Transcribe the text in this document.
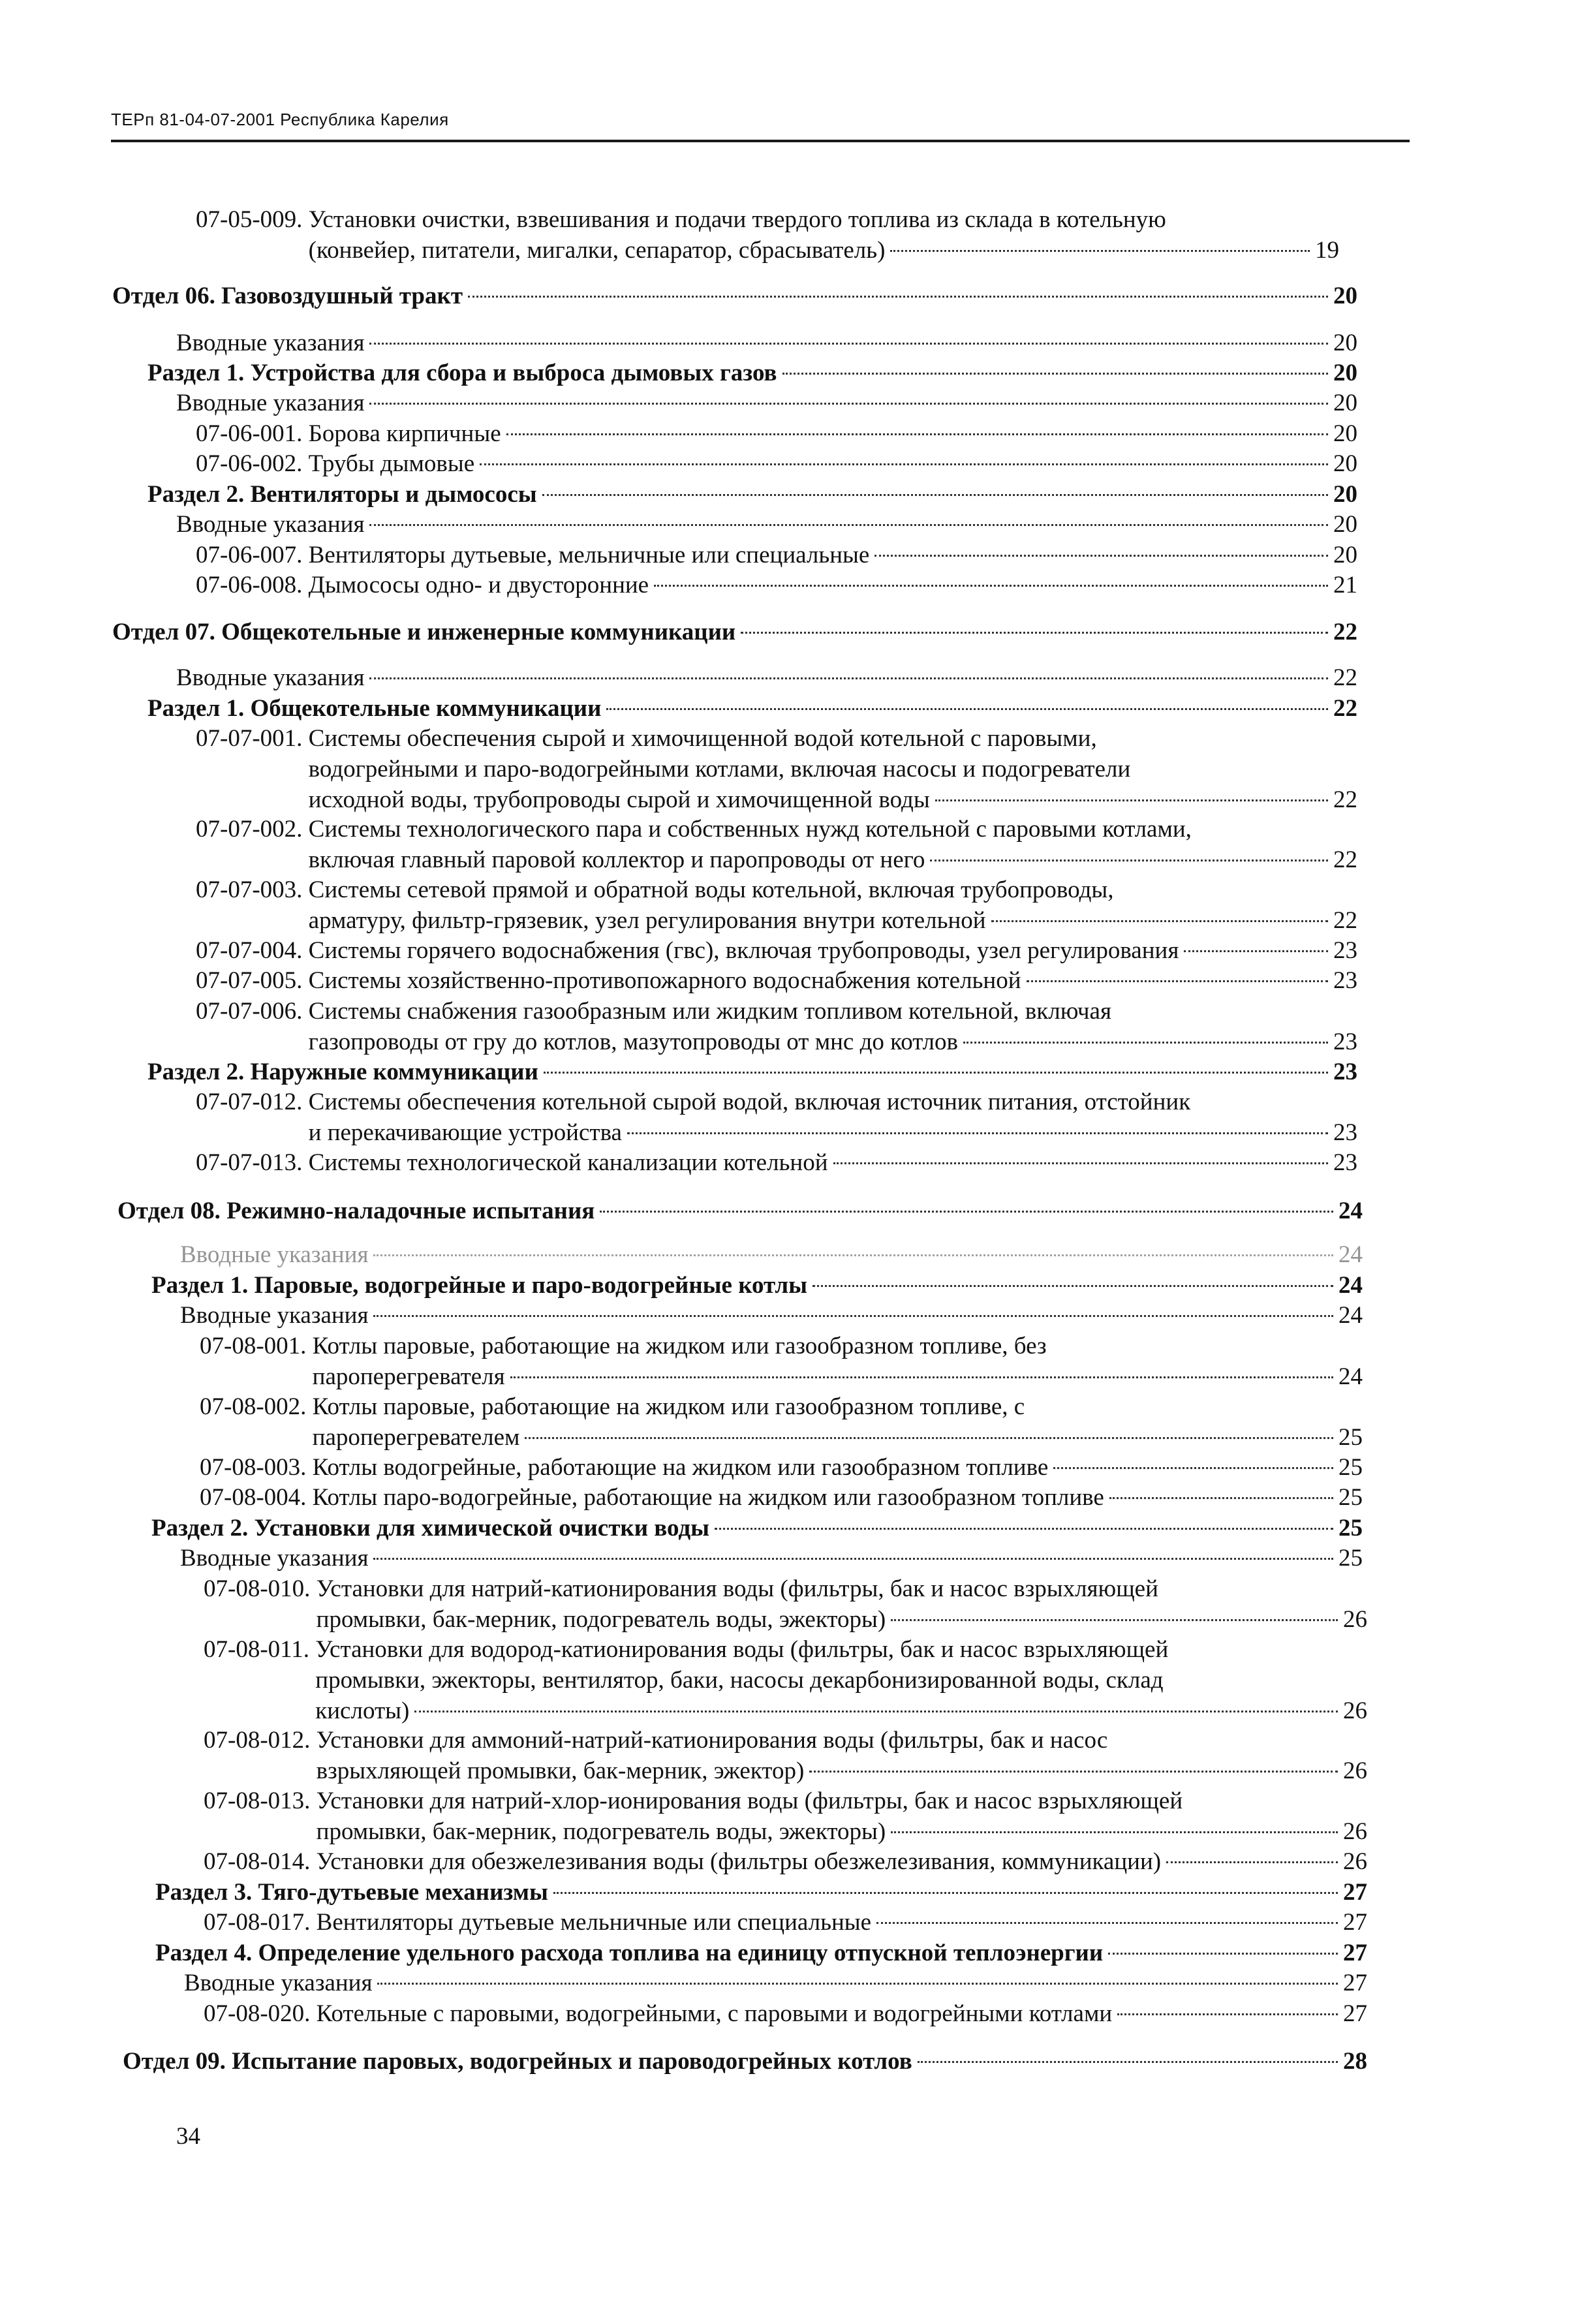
ТЕРп 81-04-07-2001 Республика Карелия
07-05-009. Установки очистки, взвешивания и подачи твердого топлива из склада в котельную
(конвейер, питатели, мигалки, сепаратор, сбрасыватель)	19
Отдел 06. Газовоздушный тракт	20
Вводные указания	20
Раздел 1. Устройства для сбора и выброса дымовых газов	20
Вводные указания	20
07-06-001. Борова кирпичные	20
07-06-002. Трубы дымовые	20
Раздел 2. Вентиляторы и дымососы	20
Вводные указания	20
07-06-007. Вентиляторы дутьевые, мельничные или специальные	20
07-06-008. Дымососы одно- и двусторонние	21
Отдел 07. Общекотельные и инженерные коммуникации	22
Вводные указания	22
Раздел 1. Общекотельные коммуникации	22
07-07-001. Системы обеспечения сырой и химочищенной водой котельной с паровыми,
водогрейными и паро-водогрейными котлами, включая насосы и подогреватели
исходной воды, трубопроводы сырой и химочищенной воды	22
07-07-002. Системы технологического пара и собственных нужд котельной с паровыми котлами,
включая главный паровой коллектор и паропроводы от него	22
07-07-003. Системы сетевой прямой и обратной воды котельной, включая трубопроводы,
арматуру, фильтр-грязевик, узел регулирования внутри котельной	22
07-07-004. Системы горячего водоснабжения (гвс), включая трубопроводы, узел регулирования	23
07-07-005. Системы хозяйственно-противопожарного водоснабжения котельной	23
07-07-006. Системы снабжения газообразным или жидким топливом котельной, включая
газопроводы от гру до котлов, мазутопроводы от мнс до котлов	23
Раздел 2. Наружные коммуникации	23
07-07-012. Системы обеспечения котельной сырой водой, включая источник питания, отстойник
и перекачивающие устройства	23
07-07-013. Системы технологической канализации котельной	23
Отдел 08. Режимно-наладочные испытания	24
Вводные указания	24
Раздел 1. Паровые, водогрейные и паро-водогрейные котлы	24
Вводные указания	24
07-08-001. Котлы паровые, работающие на жидком или газообразном топливе, без
пароперегревателя	24
07-08-002. Котлы паровые, работающие на жидком или газообразном топливе, с
пароперегревателем	25
07-08-003. Котлы водогрейные, работающие на жидком или газообразном топливе	25
07-08-004. Котлы паро-водогрейные, работающие на жидком или газообразном топливе	25
Раздел 2. Установки для химической очистки воды	25
Вводные указания	25
07-08-010. Установки для натрий-катионирования воды (фильтры, бак и насос взрыхляющей
промывки, бак-мерник, подогреватель воды, эжекторы)	26
07-08-011. Установки для водород-катионирования воды (фильтры, бак и насос взрыхляющей
промывки, эжекторы, вентилятор, баки, насосы декарбонизированной воды, склад
кислоты)	26
07-08-012. Установки для аммоний-натрий-катионирования воды (фильтры, бак и насос
взрыхляющей промывки, бак-мерник, эжектор)	26
07-08-013. Установки для натрий-хлор-ионирования воды (фильтры, бак и насос взрыхляющей
промывки, бак-мерник, подогреватель воды, эжекторы)	26
07-08-014. Установки для обезжелезивания воды (фильтры обезжелезивания, коммуникации)	26
Раздел 3. Тяго-дутьевые механизмы	27
07-08-017. Вентиляторы дутьевые мельничные или специальные	27
Раздел 4. Определение удельного расхода топлива на единицу отпускной теплоэнергии	27
Вводные указания	27
07-08-020. Котельные с паровыми, водогрейными, с паровыми и водогрейными котлами	27
Отдел 09. Испытание паровых, водогрейных и пароводогрейных котлов	28
34
